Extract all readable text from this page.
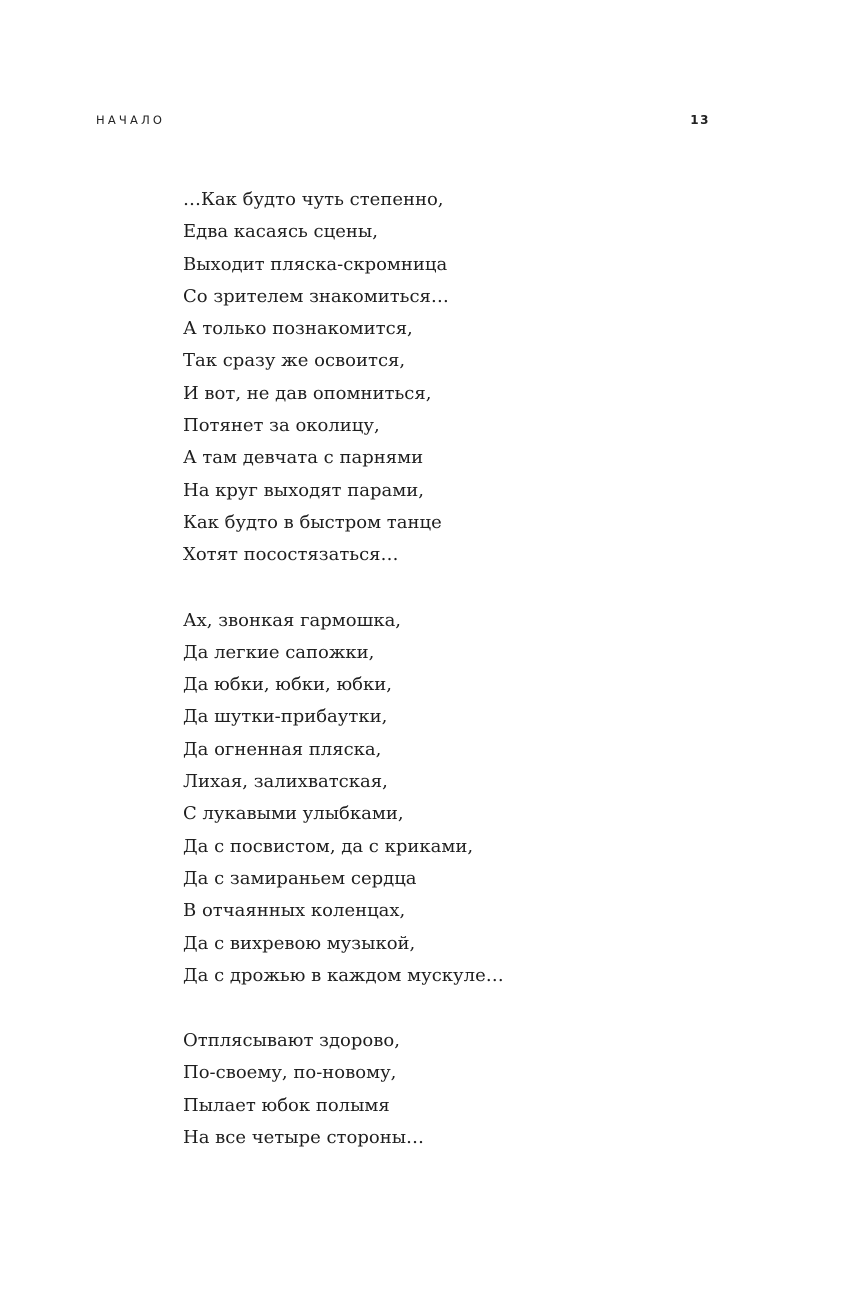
НАЧАЛО	13
…Как будто чуть степенно,
Едва касаясь сцены,
Выходит пляска-скромница
Со зрителем знакомиться…
А только познакомится,
Так сразу же освоится,
И вот, не дав опомниться,
Потянет за околицу,
А там девчата с парнями
На круг выходят парами,
Как будто в быстром танце
Хотят посостязаться…
Ах, звонкая гармошка,
Да легкие сапожки,
Да юбки, юбки, юбки,
Да шутки-прибаутки,
Да огненная пляска,
Лихая, залихватская,
С лукавыми улыбками,
Да с посвистом, да с криками,
Да с замираньем сердца
В отчаянных коленцах,
Да с вихревою музыкой,
Да с дрожью в каждом мускуле…
Отплясывают здорово,
По-своему, по-новому,
Пылает юбок полымя
На все четыре стороны…
